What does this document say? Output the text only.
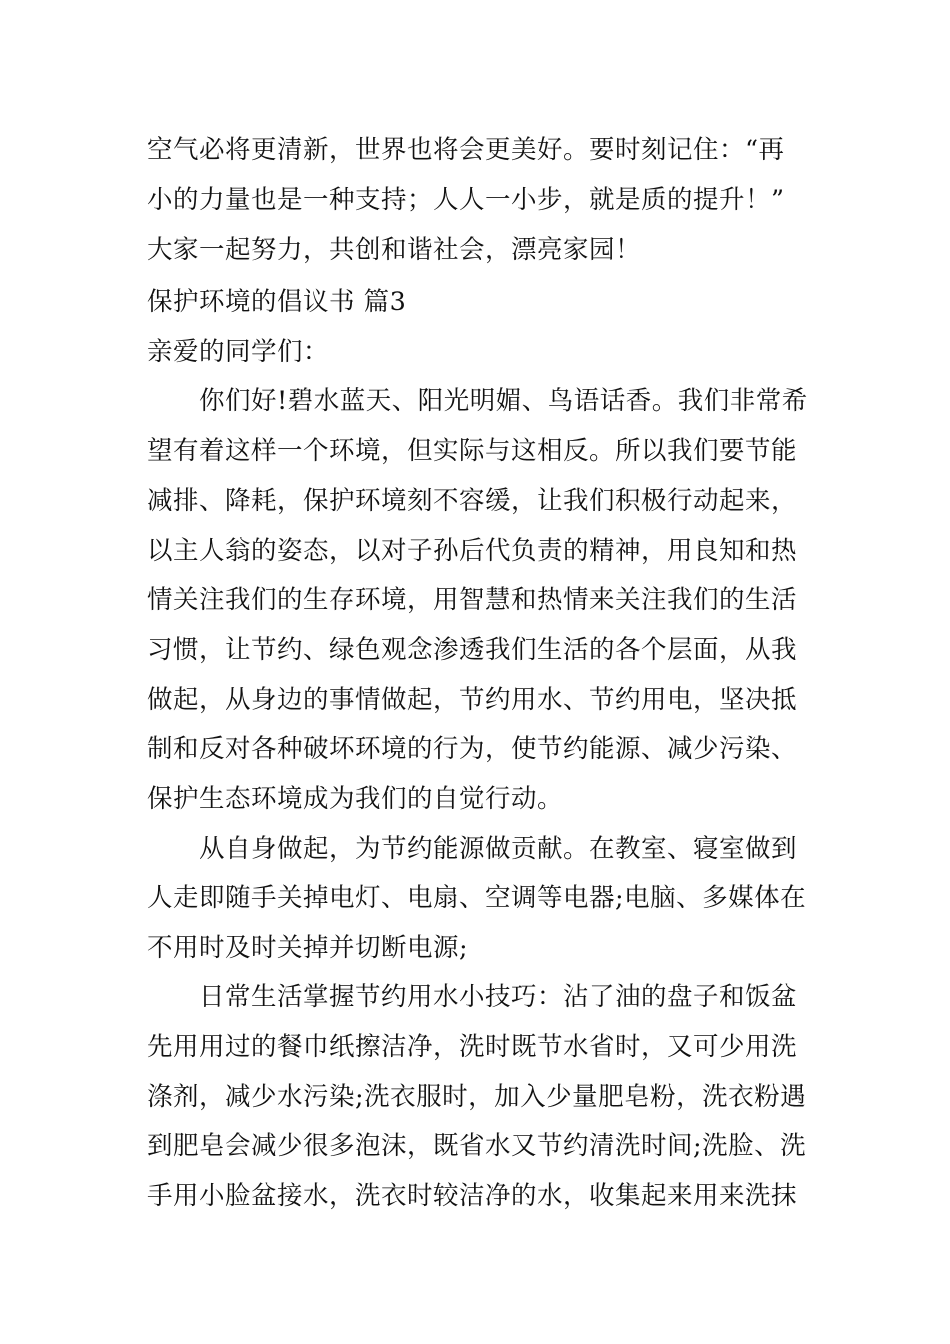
空气必将更清新，世界也将会更美好。要时刻记住：“再
小的力量也是一种支持；人人一小步，就是质的提升！”
大家一起努力，共创和谐社会，漂亮家园！
保护环境的倡议书 篇3
亲爱的同学们：
你们好!碧水蓝天、阳光明媚、鸟语话香。我们非常希
望有着这样一个环境，但实际与这相反。所以我们要节能
减排、降耗，保护环境刻不容缓，让我们积极行动起来，
以主人翁的姿态，以对子孙后代负责的精神，用良知和热
情关注我们的生存环境，用智慧和热情来关注我们的生活
习惯，让节约、绿色观念渗透我们生活的各个层面，从我
做起，从身边的事情做起，节约用水、节约用电，坚决抵
制和反对各种破坏环境的行为，使节约能源、减少污染、
保护生态环境成为我们的自觉行动。
从自身做起，为节约能源做贡献。在教室、寝室做到
人走即随手关掉电灯、电扇、空调等电器;电脑、多媒体在
不用时及时关掉并切断电源;
日常生活掌握节约用水小技巧：沾了油的盘子和饭盆
先用用过的餐巾纸擦洁净，洗时既节水省时，又可少用洗
涤剂，减少水污染;洗衣服时，加入少量肥皂粉，洗衣粉遇
到肥皂会减少很多泡沫，既省水又节约清洗时间;洗脸、洗
手用小脸盆接水，洗衣时较洁净的水，收集起来用来洗抹
